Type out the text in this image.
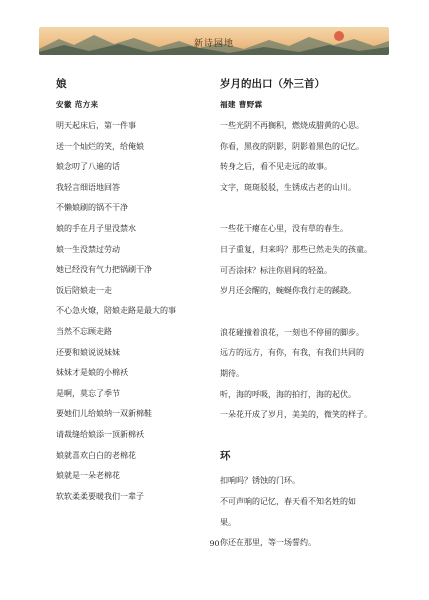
新诗园地
娘
安徽 范方来
明天起床后，第一件事
送一个灿烂的笑，给俺娘
娘念叨了八遍的话
我轻言细语地回答
不懒娘刷的锅不干净
娘的手在月子里没禁水
娘一生没禁过劳动
她已经没有气力把锅刷干净
饭后陪娘走一走
不心急火燎，陪娘走路是最大的事
当然不忘顾走路
还要和娘说说妹妹
妹妹才是娘的小棉袄
是啊，莫忘了季节
要她们儿给娘纳一双新棉鞋
请裁缝给娘添一顶新棉袄
娘就喜欢白白的老棉花
娘就是一朵老棉花
软软柔柔要暖我们一辈子
岁月的出口（外三首）
福建 曹野霖
一些光阴不再搁积，燃烧成腊黄的心思。
你看，黑夜的阴影，阴影着黑色的记忆。
转身之后，看不见走远的故事。
文字，斑斑驳驳，生锈成古老的山川。
一些花干瘪在心里，没有草的春生。
日子重复，归来吗？那些已然走失的孩童。
可否涂抹？标注你眉间的轻盈。
岁月还会醒的，蜿蜒你我行走的蹊跷。
浪花碰撞着浪花，一刻也不停留的脚步。
远方的远方，有你，有我，有我们共同的
期待。
听，海的呼吸，海的拍打，海的起伏。
一朵花开成了岁月，美美的，微笑的样子。
环
扣响吗？锈蚀的门环。
不可声响的记忆，春天看不知名姓的如
果。
你还在那里，等一场誓约。
90
